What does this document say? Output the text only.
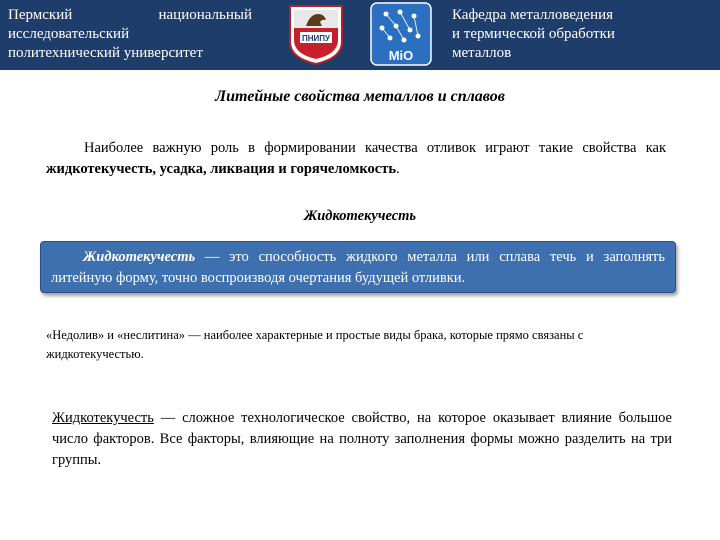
Пермский	национальный
исследовательский
политехнический университет
ПНИПУ
МiО
Кафедра металловедения
и термической обработки
металлов
Литейные свойства металлов и сплавов
Наиболее важную роль в формировании качества отливок играют такие свойства как жидкотекучесть, усадка, ликвация и горячеломкость.
Жидкотекучесть
Жидкотекучесть — это способность жидкого металла или сплава течь и заполнять литейную форму, точно воспроизводя очертания будущей отливки.
«Недолив» и «неслитина» — наиболее характерные и простые виды брака, которые прямо связаны с жидкотекучестью.
Жидкотекучесть — сложное технологическое свойство, на которое оказывает влияние большое число факторов. Все факторы, влияющие на полноту заполнения формы можно разделить на три группы.
